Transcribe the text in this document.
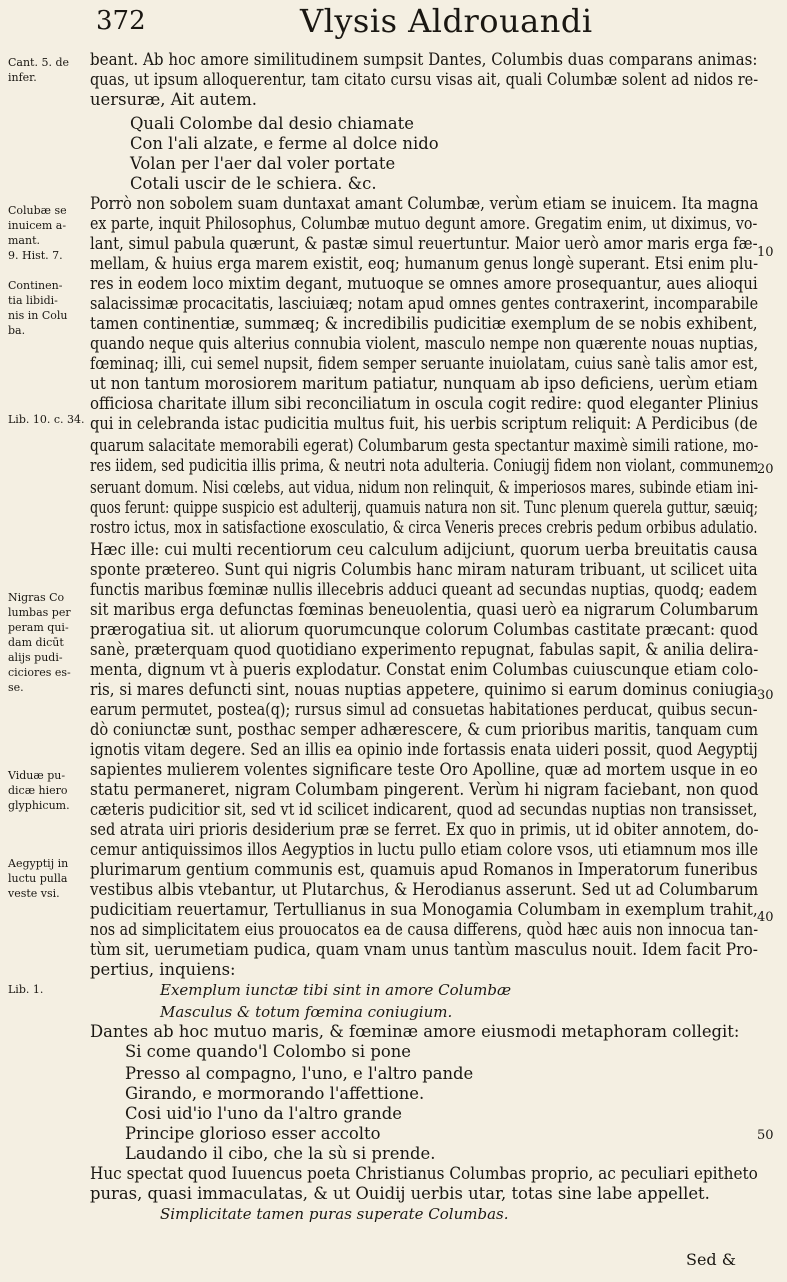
372	Vlysis Aldrouandi
beant. Ab hoc amore similitudinem sumpsit Dantes, Columbis duas comparans animas:
quas, ut ipsum alloquerentur, tam citato cursu visas ait, quali Columbæ solent ad nidos re-
uersuræ, Ait autem.
Quali Colombe dal desio chiamate
Con l'ali alzate, e ferme al dolce nido
Volan per l'aer dal voler portate
Cotali uscir de le schiera. &c.
Porrò non sobolem suam duntaxat amant Columbæ, verùm etiam se inuicem. Ita magna
ex parte, inquit Philosophus, Columbæ mutuo degunt amore. Gregatim enim, ut diximus, vo-
lant, simul pabula quærunt, & pastæ simul reuertuntur. Maior uerò amor maris erga fæ-
mellam, & huius erga marem existit, eoq; humanum genus longè superant. Etsi enim plu-
res in eodem loco mixtim degant, mutuoque se omnes amore prosequantur, aues alioqui
salacissimæ procacitatis, lasciuiæq; notam apud omnes gentes contraxerint, incomparabile
tamen continentiæ, summæq; & incredibilis pudicitiæ exemplum de se nobis exhibent,
quando neque quis alterius connubia violent, masculo nempe non quærente nouas nuptias,
fœminaq; illi, cui semel nupsit, fidem semper seruante inuiolatam, cuius sanè talis amor est,
ut non tantum morosiorem maritum patiatur, nunquam ab ipso deficiens, uerùm etiam
officiosa charitate illum sibi reconciliatum in oscula cogit redire: quod eleganter Plinius
qui in celebranda istac pudicitia multus fuit, his uerbis scriptum reliquit: A Perdicibus (de
quarum salacitate memorabili egerat) Columbarum gesta spectantur maximè simili ratione, mo-
res iidem, sed pudicitia illis prima, & neutri nota adulteria. Coniugij fidem non violant, communem
seruant domum. Nisi cœlebs, aut vidua, nidum non relinquit, & imperiosos mares, subinde etiam ini-
quos ferunt: quippe suspicio est adulterij, quamuis natura non sit. Tunc plenum querela guttur, sæuiq;
rostro ictus, mox in satisfactione exosculatio, & circa Veneris preces crebris pedum orbibus adulatio.
Hæc ille: cui multi recentiorum ceu calculum adijciunt, quorum uerba breuitatis causa
sponte prætereo. Sunt qui nigris Columbis hanc miram naturam tribuant, ut scilicet uita
functis maribus fœminæ nullis illecebris adduci queant ad secundas nuptias, quodq; eadem
sit maribus erga defunctas fœminas beneuolentia, quasi uerò ea nigrarum Columbarum
prærogatiua sit. ut aliorum quorumcunque colorum Columbas castitate præcant: quod
sanè, præterquam quod quotidiano experimento repugnat, fabulas sapit, & anilia delira-
menta, dignum vt à pueris explodatur. Constat enim Columbas cuiuscunque etiam colo-
ris, si mares defuncti sint, nouas nuptias appetere, quinimo si earum dominus coniugia
earum permutet, postea(q); rursus simul ad consuetas habitationes perducat, quibus secun-
dò coniunctæ sunt, posthac semper adhærescere, & cum prioribus maritis, tanquam cum
ignotis vitam degere. Sed an illis ea opinio inde fortassis enata uideri possit, quod Aegyptij
sapientes mulierem volentes significare teste Oro Apolline, quæ ad mortem usque in eo
statu permaneret, nigram Columbam pingerent. Verùm hi nigram faciebant, non quod
cæteris pudicitior sit, sed vt id scilicet indicarent, quod ad secundas nuptias non transisset,
sed atrata uiri prioris desiderium præ se ferret. Ex quo in primis, ut id obiter annotem, do-
cemur antiquissimos illos Aegyptios in luctu pullo etiam colore vsos, uti etiamnum mos ille
plurimarum gentium communis est, quamuis apud Romanos in Imperatorum funeribus
vestibus albis vtebantur, ut Plutarchus, & Herodianus asserunt. Sed ut ad Columbarum
pudicitiam reuertamur, Tertullianus in sua Monogamia Columbam in exemplum trahit,
nos ad simplicitatem eius prouocatos ea de causa differens, quòd hæc auis non innocua tan-
tùm sit, uerumetiam pudica, quam vnam unus tantùm masculus nouit. Idem facit Pro-
pertius, inquiens:
Exemplum iunctæ tibi sint in amore Columbæ
Masculus & totum fœmina coniugium.
Dantes ab hoc mutuo maris, & fœminæ amore eiusmodi metaphoram collegit:
Si come quando'l Colombo si pone
Presso al compagno, l'uno, e l'altro pande
Girando, e mormorando l'affettione.
Cosi uid'io l'uno da l'altro grande
Principe glorioso esser accolto
Laudando il cibo, che la sù si prende.
Huc spectat quod Iuuencus poeta Christianus Columbas proprio, ac peculiari epitheto
puras, quasi immaculatas, & ut Ouidij uerbis utar, totas sine labe appellet.
Simplicitate tamen puras superate Columbas.
Cant. 5. de
infer.
Colubæ se
inuicem a-
mant.
9. Hist. 7.
Continen-
tia libidi-
nis in Colu
ba.
Lib. 10. c. 34.
Nigras Co
lumbas per
peram qui-
dam dicūt
alijs pudi-
ciciores es-
se.
Viduæ pu-
dicæ hiero
glyphicum.
Aegyptij in
luctu pulla
veste vsi.
Lib. 1.
10
20
30
40
50
Sed &
